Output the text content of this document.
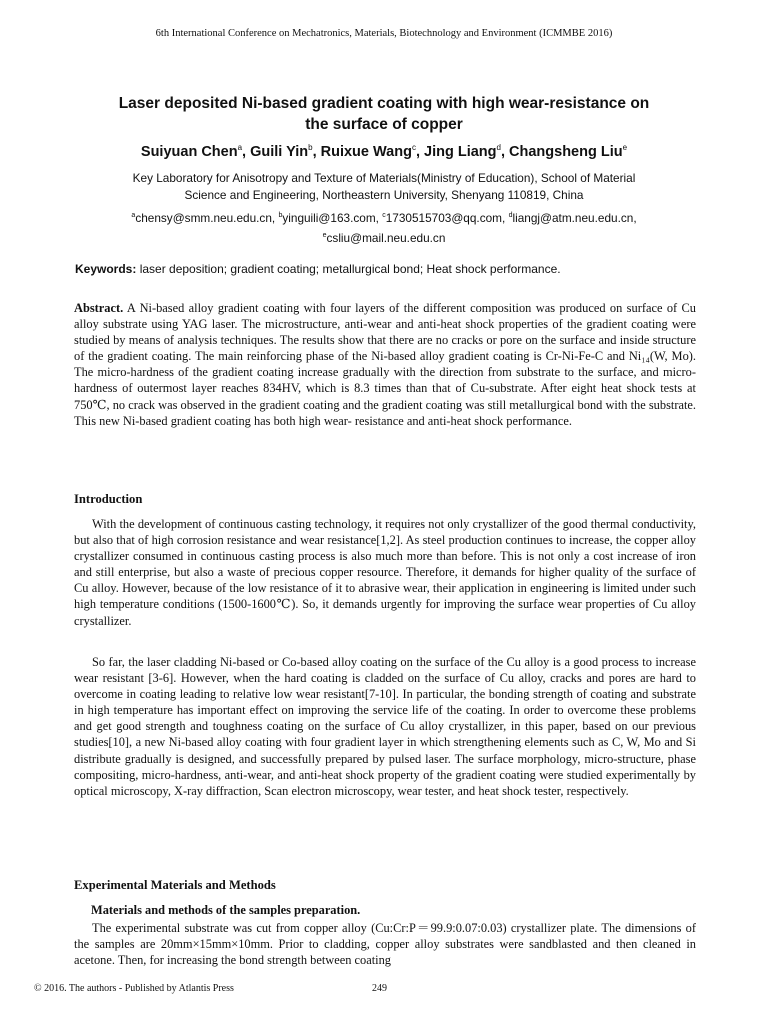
6th International Conference on Mechatronics, Materials, Biotechnology and Environment (ICMMBE 2016)
Laser deposited Ni-based gradient coating with high wear-resistance on
the surface of copper
Suiyuan Chen$^a$, Guili Yin$^b$, Ruixue Wang$^c$, Jing Liang$^d$, Changsheng Liu$^e$
Key Laboratory for Anisotropy and Texture of Materials(Ministry of Education), School of Material
Science and Engineering, Northeastern University, Shenyang 110819, China
$^a$chensy@smm.neu.edu.cn, $^b$yinguili@163.com, $^c$1730515703@qq.com, $^d$liangj@atm.neu.edu.cn,
$^e$csliu@mail.neu.edu.cn
Keywords: laser deposition; gradient coating; metallurgical bond; Heat shock performance.
Abstract. A Ni-based alloy gradient coating with four layers of the different composition was produced on surface of Cu alloy substrate using YAG laser. The microstructure, anti-wear and anti-heat shock properties of the gradient coating were studied by means of analysis techniques. The results show that there are no cracks or pore on the surface and inside structure of the gradient coating. The main reinforcing phase of the Ni-based alloy gradient coating is Cr-Ni-Fe-C and Ni₁₄(W, Mo). The micro-hardness of the gradient coating increase gradually with the direction from substrate to the surface, and micro-hardness of outermost layer reaches 834HV, which is 8.3 times than that of Cu-substrate. After eight heat shock tests at 750℃, no crack was observed in the gradient coating and the gradient coating was still metallurgical bond with the substrate. This new Ni-based gradient coating has both high wear- resistance and anti-heat shock performance.
Introduction
With the development of continuous casting technology, it requires not only crystallizer of the good thermal conductivity, but also that of high corrosion resistance and wear resistance[1,2]. As steel production continues to increase, the copper alloy crystallizer consumed in continuous casting process is also much more than before. This is not only a cost increase of iron and still enterprise, but also a waste of precious copper resource. Therefore, it demands for higher quality of the surface of Cu alloy. However, because of the low resistance of it to abrasive wear, their application in engineering is limited under such high temperature conditions (1500-1600℃). So, it demands urgently for improving the surface wear properties of Cu alloy crystallizer.
So far, the laser cladding Ni-based or Co-based alloy coating on the surface of the Cu alloy is a good process to increase wear resistant [3-6]. However, when the hard coating is cladded on the surface of Cu alloy, cracks and pores are hard to overcome in coating leading to relative low wear resistant[7-10]. In particular, the bonding strength of coating and substrate in high temperature has important effect on improving the service life of the coating. In order to overcome these problems and get good strength and toughness coating on the surface of Cu alloy crystallizer, in this paper, based on our previous studies[10], a new Ni-based alloy coating with four gradient layer in which strengthening elements such as C, W, Mo and Si distribute gradually is designed, and successfully prepared by pulsed laser. The surface morphology, micro-structure, phase compositing, micro-hardness, anti-wear, and anti-heat shock property of the gradient coating were studied experimentally by optical microscopy, X-ray diffraction, Scan electron microscopy, wear tester, and heat shock tester, respectively.
Experimental Materials and Methods
Materials and methods of the samples preparation.
The experimental substrate was cut from copper alloy (Cu:Cr:P＝99.9:0.07:0.03) crystallizer plate. The dimensions of the samples are 20mm×15mm×10mm. Prior to cladding, copper alloy substrates were sandblasted and then cleaned in acetone. Then, for increasing the bond strength between coating
© 2016. The authors - Published by Atlantis Press	249
